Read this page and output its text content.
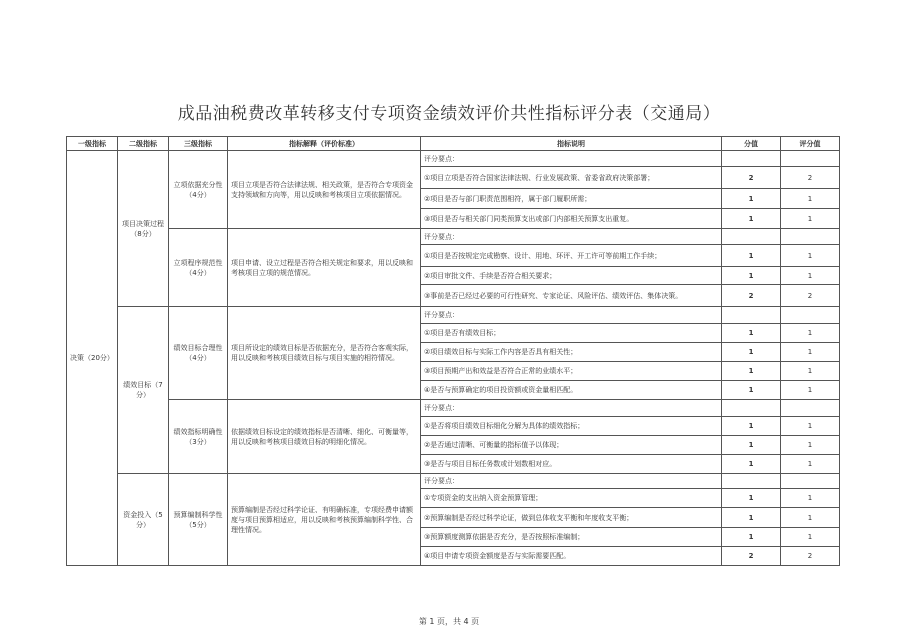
成品油税费改革转移支付专项资金绩效评价共性指标评分表（交通局）
一级指标	二级指标	三级指标	指标解释（评价标准）	指标说明	分值	评分值
决策（20分）	项目决策过程（8分）	立项依据充分性（4分）	项目立项是否符合法律法规、相关政策，是否符合专项资金支持领域和方向等，用以反映和考核项目立项依据情况。	评分要点：		
				①项目立项是否符合国家法律法规、行业发展政策、省委省政府决策部署；	2	2
				②项目是否与部门职责范围相符，属于部门履职所需；	1	1
				③项目是否与相关部门同类预算支出或部门内部相关预算支出重复。	1	1
		立项程序规范性（4分）	项目申请、设立过程是否符合相关规定和要求，用以反映和考核项目立项的规范情况。	评分要点：		
				①项目是否按规定完成勘察、设计、用地、环评、开工许可等前期工作手续；	1	1
				②项目审批文件、手续是否符合相关要求；	1	1
				③事前是否已经过必要的可行性研究、专家论证、风险评估、绩效评估、集体决策。	2	2
	绩效目标（7分）	绩效目标合理性（4分）	项目所设定的绩效目标是否依据充分，是否符合客观实际，用以反映和考核项目绩效目标与项目实施的相符情况。	评分要点：		
				①项目是否有绩效目标；	1	1
				②项目绩效目标与实际工作内容是否具有相关性；	1	1
				③项目预期产出和效益是否符合正常的业绩水平；	1	1
				④是否与预算确定的项目投资额或资金量相匹配。	1	1
		绩效指标明确性（3分）	依据绩效目标设定的绩效指标是否清晰、细化、可衡量等，用以反映和考核项目绩效目标的明细化情况。	评分要点：		
				①是否将项目绩效目标细化分解为具体的绩效指标；	1	1
				②是否通过清晰、可衡量的指标值予以体现；	1	1
				③是否与项目目标任务数或计划数相对应。	1	1
	资金投入（5分）	预算编制科学性（5分）	预算编制是否经过科学论证、有明确标准，专项经费申请额度与项目预算相适应，用以反映和考核预算编制科学性、合理性情况。	评分要点：		
				①专项资金的支出纳入资金预算管理；	1	1
				②预算编制是否经过科学论证，做到总体收支平衡和年度收支平衡；	1	1
				③预算额度测算依据是否充分，是否按照标准编制；	1	1
				④项目申请专项资金额度是否与实际需要匹配。	2	2
第 1 页，共 4 页
